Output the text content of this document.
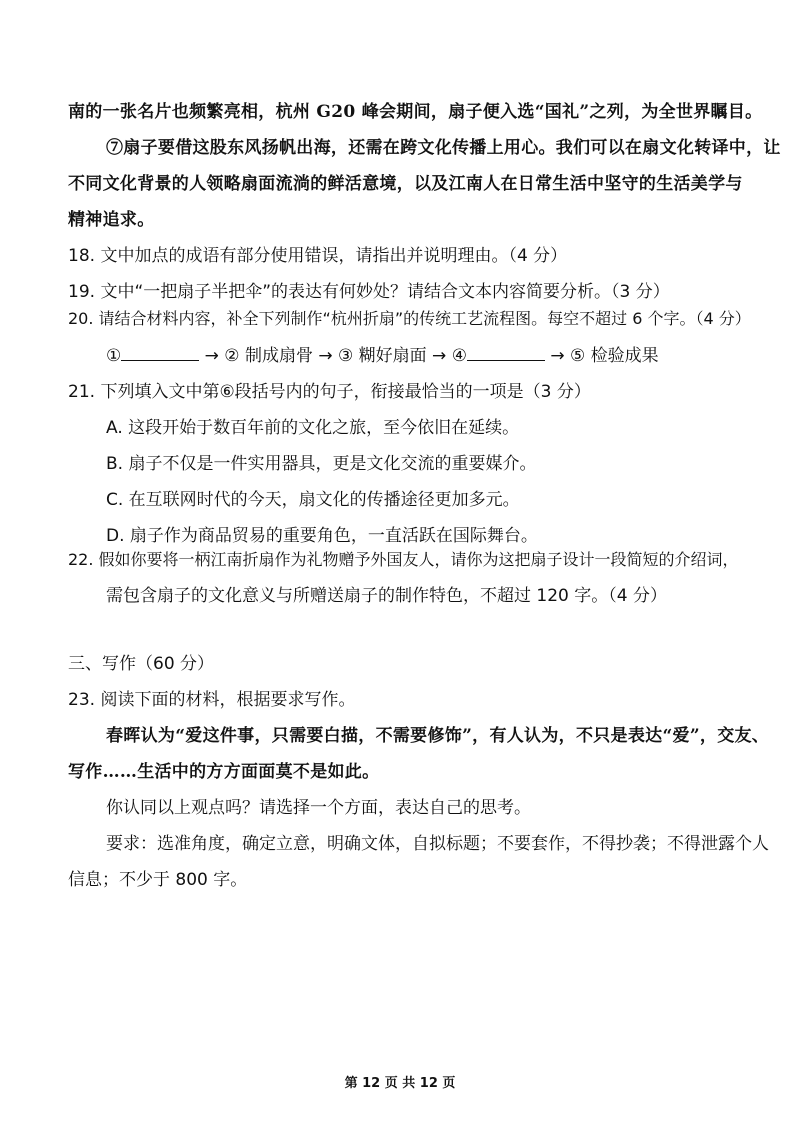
南的一张名片也频繁亮相，杭州 G20 峰会期间，扇子便入选“国礼”之列，为全世界瞩目。
⑦扇子要借这股东风扬帆出海，还需在跨文化传播上用心。我们可以在扇文化转译中，让
不同文化背景的人领略扇面流淌的鲜活意境，以及江南人在日常生活中坚守的生活美学与
精神追求。
18. 文中加点的成语有部分使用错误，请指出并说明理由。（4 分）
19. 文中“一把扇子半把伞”的表达有何妙处？请结合文本内容简要分析。（3 分）
20. 请结合材料内容，补全下列制作“杭州折扇”的传统工艺流程图。每空不超过 6 个字。（4 分）
①	→ ② 制成扇骨 → ③ 糊好扇面 → ④	→ ⑤ 检验成果
21. 下列填入文中第⑥段括号内的句子，衔接最恰当的一项是（3 分）
A. 这段开始于数百年前的文化之旅，至今依旧在延续。
B. 扇子不仅是一件实用器具，更是文化交流的重要媒介。
C. 在互联网时代的今天，扇文化的传播途径更加多元。
D. 扇子作为商品贸易的重要角色，一直活跃在国际舞台。
22. 假如你要将一柄江南折扇作为礼物赠予外国友人，请你为这把扇子设计一段简短的介绍词，
需包含扇子的文化意义与所赠送扇子的制作特色，不超过 120 字。（4 分）
三、写作（60 分）
23. 阅读下面的材料，根据要求写作。
春晖认为“爱这件事，只需要白描，不需要修饰”，有人认为，不只是表达“爱”，交友、
写作……生活中的方方面面莫不是如此。
你认同以上观点吗？请选择一个方面，表达自己的思考。
要求：选准角度，确定立意，明确文体，自拟标题；不要套作，不得抄袭；不得泄露个人
信息；不少于 800 字。
第 12 页 共 12 页
